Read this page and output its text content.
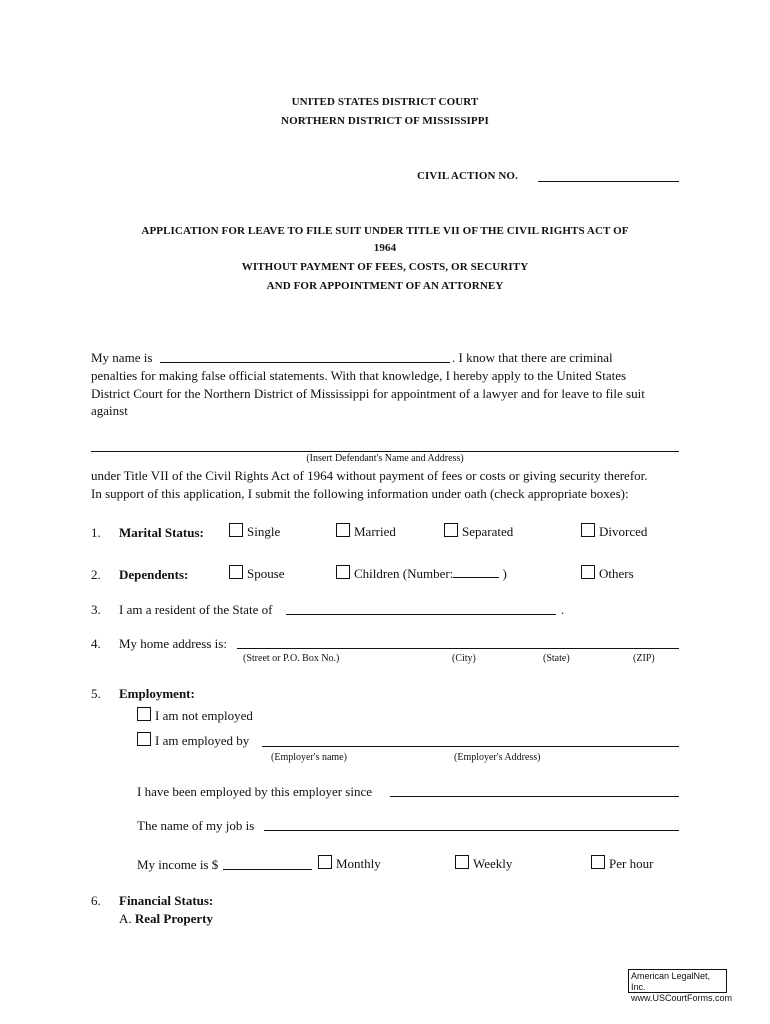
UNITED STATES DISTRICT COURT
NORTHERN DISTRICT OF MISSISSIPPI
CIVIL ACTION NO.
APPLICATION FOR LEAVE TO FILE SUIT UNDER TITLE VII OF THE CIVIL RIGHTS ACT OF
1964
WITHOUT PAYMENT OF FEES, COSTS, OR SECURITY
AND FOR APPOINTMENT OF AN ATTORNEY
My name is	. I know that there are criminal
penalties for making false official statements. With that knowledge, I hereby apply to the United States
District Court for the Northern District of Mississippi for appointment of a lawyer and for leave to file suit
against
(Insert Defendant's Name and Address)
under Title VII of the Civil Rights Act of 1964 without payment of fees or costs or giving security therefor.
In support of this application, I submit the following information under oath (check appropriate boxes):
1. Marital Status:	Single	Married	Separated	Divorced
2. Dependents:	Spouse	Children (Number:	)	Others
3. I am a resident of the State of	.
4. My home address is:
(Street or P.O. Box No.)	(City)	(State)	(ZIP)
5. Employment:
I am not employed
I am employed by
(Employer's name)	(Employer's Address)
I have been employed by this employer since
The name of my job is
My income is $	Monthly	Weekly	Per hour
6. Financial Status:
A. Real Property
American LegalNet, Inc.
www.USCourtForms.com
